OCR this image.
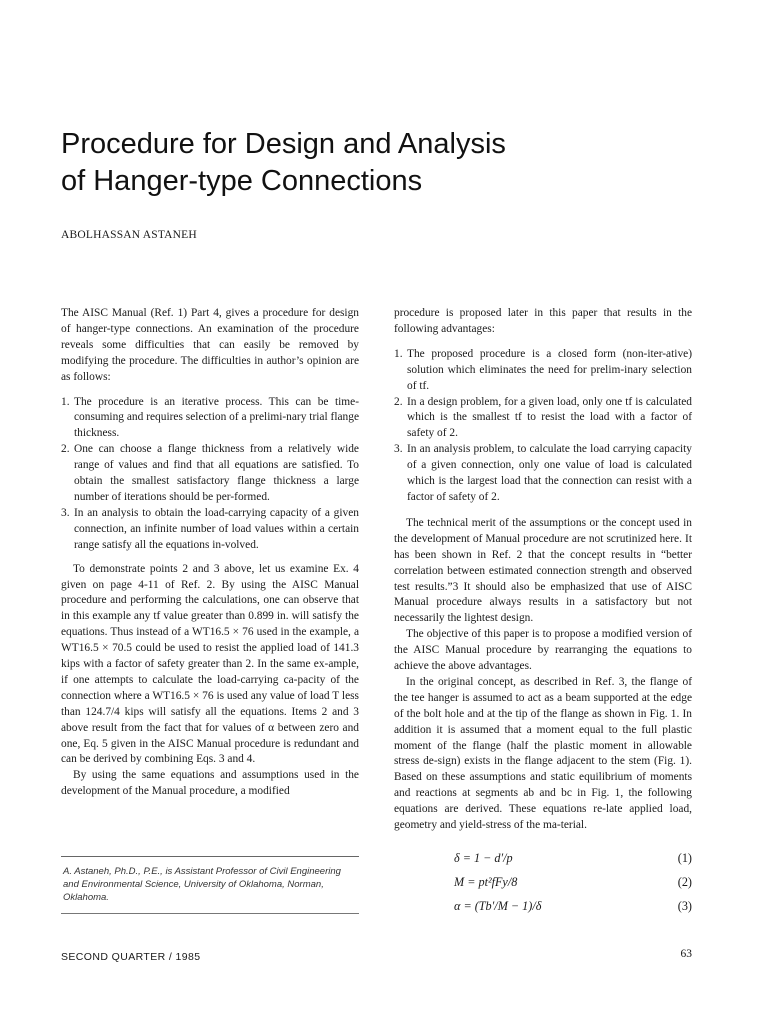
Procedure for Design and Analysis
of Hanger-type Connections

ABOLHASSAN ASTANEH

The AISC Manual (Ref. 1) Part 4, gives a procedure for design of hanger-type connections. An examination of the procedure reveals some difficulties that can easily be removed by modifying the procedure. The difficulties in author’s opinion are as follows:

1. The procedure is an iterative process. This can be time-consuming and requires selection of a prelimi-nary trial flange thickness.
2. One can choose a flange thickness from a relatively wide range of values and find that all equations are satisfied. To obtain the smallest satisfactory flange thickness a large number of iterations should be per-formed.
3. In an analysis to obtain the load-carrying capacity of a given connection, an infinite number of load values within a certain range satisfy all the equations in-volved.

To demonstrate points 2 and 3 above, let us examine Ex. 4 given on page 4-11 of Ref. 2. By using the AISC Manual procedure and performing the calculations, one can observe that in this example any tf value greater than 0.899 in. will satisfy the equations. Thus instead of a WT16.5 × 76 used in the example, a WT16.5 × 70.5 could be used to resist the applied load of 141.3 kips with a factor of safety greater than 2. In the same ex-ample, if one attempts to calculate the load-carrying ca-pacity of the connection where a WT16.5 × 76 is used any value of load T less than 124.7/4 kips will satisfy all the equations. Items 2 and 3 above result from the fact that for values of α between zero and one, Eq. 5 given in the AISC Manual procedure is redundant and can be derived by combining Eqs. 3 and 4.

By using the same equations and assumptions used in the development of the Manual procedure, a modified

procedure is proposed later in this paper that results in the following advantages:

1. The proposed procedure is a closed form (non-iter-ative) solution which eliminates the need for prelim-inary selection of tf.
2. In a design problem, for a given load, only one tf is calculated which is the smallest tf to resist the load with a factor of safety of 2.
3. In an analysis problem, to calculate the load carrying capacity of a given connection, only one value of load is calculated which is the largest load that the connection can resist with a factor of safety of 2.

The technical merit of the assumptions or the concept used in the development of Manual procedure are not scrutinized here. It has been shown in Ref. 2 that the concept results in “better correlation between estimated connection strength and observed test results.”3 It should also be emphasized that use of AISC Manual procedure always results in a satisfactory but not necessarily the lightest design.

The objective of this paper is to propose a modified version of the AISC Manual procedure by rearranging the equations to achieve the above advantages.

In the original concept, as described in Ref. 3, the flange of the tee hanger is assumed to act as a beam supported at the edge of the bolt hole and at the tip of the flange as shown in Fig. 1. In addition it is assumed that a moment equal to the full plastic moment of the flange (half the plastic moment in allowable stress de-sign) exists in the flange adjacent to the stem (Fig. 1). Based on these assumptions and static equilibrium of moments and reactions at segments ab and bc in Fig. 1, the following equations are derived. These equations re-late applied load, geometry and yield-stress of the ma-terial.

δ = 1 − d′/p	(1)
M = pt²fFy/8	(2)
α = (Tb′/M − 1)/δ	(3)

A. Astaneh, Ph.D., P.E., is Assistant Professor of Civil Engineering and Environmental Science, University of Oklahoma, Norman, Oklahoma.

SECOND QUARTER / 1985	63
